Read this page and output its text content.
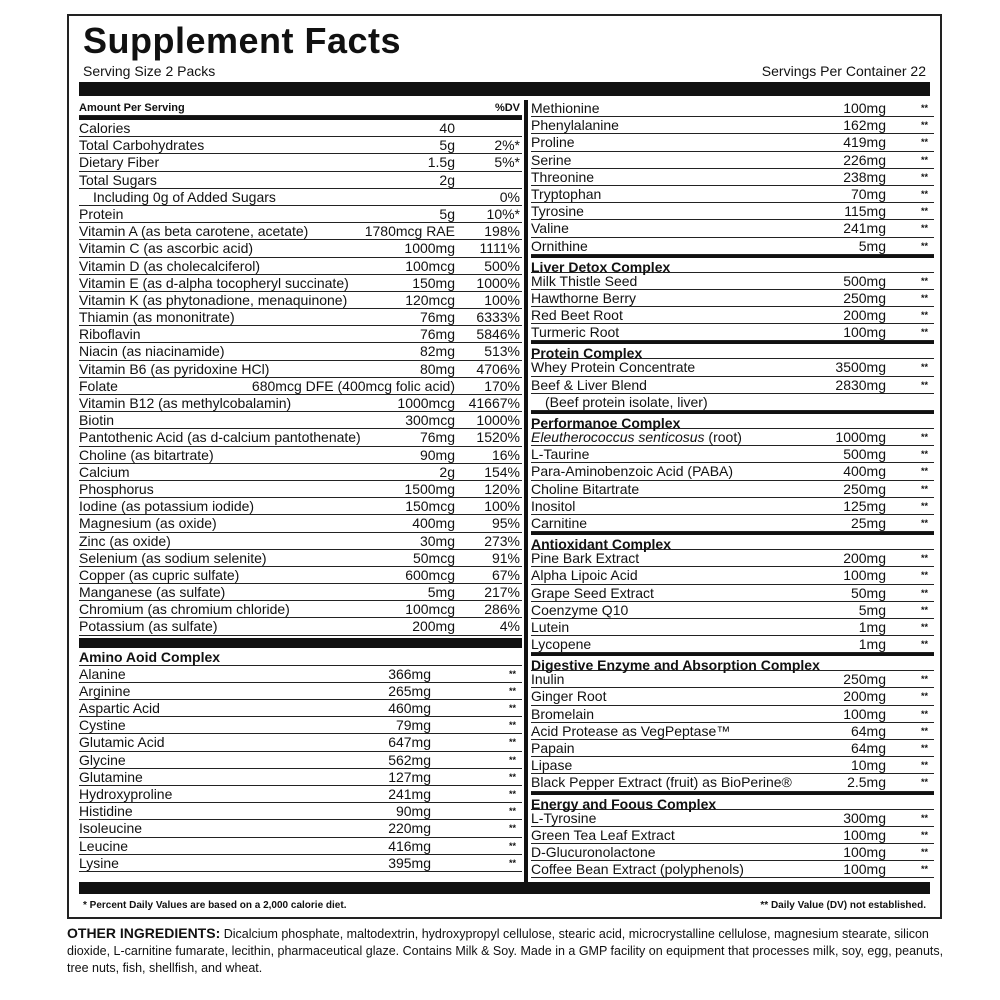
Supplement Facts
Serving Size 2 Packs	Servings Per Container 22
Amount Per Serving	%DV
Calories	40
Total Carbohydrates	5g	2%*
Dietary Fiber	1.5g	5%*
Total Sugars	2g
Including 0g of Added Sugars	0%
Protein	5g 10%*
Vitamin A (as beta carotene, acetate)	1780mcg RAE 198%
Vitamin C (as ascorbic acid)	1000mg 1111%
Vitamin D (as cholecalciferol)	100mcg 500%
Vitamin E (as d-alpha tocopheryl succinate)	150mg 1000%
Vitamin K (as phytonadione, menaquinone)	120mcg 100%
Thiamin (as mononitrate)	76mg 6333%
Riboflavin	76mg 5846%
Niacin (as niacinamide)	82mg 513%
Vitamin B6 (as pyridoxine HCl)	80mg 4706%
Folate	680mcg DFE (400mcg folic acid) 170%
Vitamin B12 (as methylcobalamin)	1000mcg 41667%
Biotin	300mcg 1000%
Pantothenic Acid (as d-calcium pantothenate)	76mg 1520%
Choline (as bitartrate)	90mg	16%
Calcium	2g 154%
Phosphorus	1500mg 120%
Iodine (as potassium iodide)	150mcg 100%
Magnesium (as oxide)	400mg	95%
Zinc (as oxide)	30mg 273%
Selenium (as sodium selenite)	50mcg	91%
Copper (as cupric sulfate)	600mcg	67%
Manganese (as sulfate)	5mg 217%
Chromium (as chromium chloride)	100mcg 286%
Potassium (as sulfate)	200mg	4%
Amino Aoid Complex
Alanine	366mg	**
Arginine	265mg	**
Aspartic Acid	460mg	**
Cystine	79mg	**
Glutamic Acid	647mg	**
Glycine	562mg	**
Glutamine	127mg	**
Hydroxyproline	241mg	**
Histidine	90mg	**
Isoleucine	220mg	**
Leucine	416mg	**
Lysine	395mg	**
Methionine	100mg	**
Phenylalanine	162mg	**
Proline	419mg	**
Serine	226mg	**
Threonine	238mg	**
Tryptophan	70mg	**
Tyrosine	115mg	**
Valine	241mg	**
Ornithine	5mg	**
Liver Detox Complex
Milk Thistle Seed	500mg	**
Hawthorne Berry	250mg	**
Red Beet Root	200mg	**
Turmeric Root	100mg	**
Protein Complex
Whey Protein Concentrate	3500mg	**
Beef & Liver Blend	2830mg	**
(Beef protein isolate, liver)
Performanoe Complex
Eleutherococcus senticosus (root)	1000mg	**
L-Taurine	500mg	**
Para-Aminobenzoic Acid (PABA)	400mg	**
Choline Bitartrate	250mg	**
Inositol	125mg	**
Carnitine	25mg	**
Antioxidant Complex
Pine Bark Extract	200mg	**
Alpha Lipoic Acid	100mg	**
Grape Seed Extract	50mg	**
Coenzyme Q10	5mg	**
Lutein	1mg	**
Lycopene	1mg	**
Digestive Enzyme and Absorption Complex
Inulin	250mg	**
Ginger Root	200mg	**
Bromelain	100mg	**
Acid Protease as VegPeptase™	64mg	**
Papain	64mg	**
Lipase	10mg	**
Black Pepper Extract (fruit) as BioPerine®	2.5mg	**
Energy and Foous Complex
L-Tyrosine	300mg	**
Green Tea Leaf Extract	100mg	**
D-Glucuronolactone	100mg	**
Coffee Bean Extract (polyphenols)	100mg	**
* Percent Daily Values are based on a 2,000 calorie diet.	** Daily Value (DV) not established.
OTHER INGREDIENTS: Dicalcium phosphate, maltodextrin, hydroxypropyl cellulose, stearic acid, microcrystalline cellulose, magnesium stearate, silicon dioxide, L-carnitine fumarate, lecithin, pharmaceutical glaze. Contains Milk & Soy. Made in a GMP facility on equipment that processes milk, soy, egg, peanuts, tree nuts, fish, shellfish, and wheat.
